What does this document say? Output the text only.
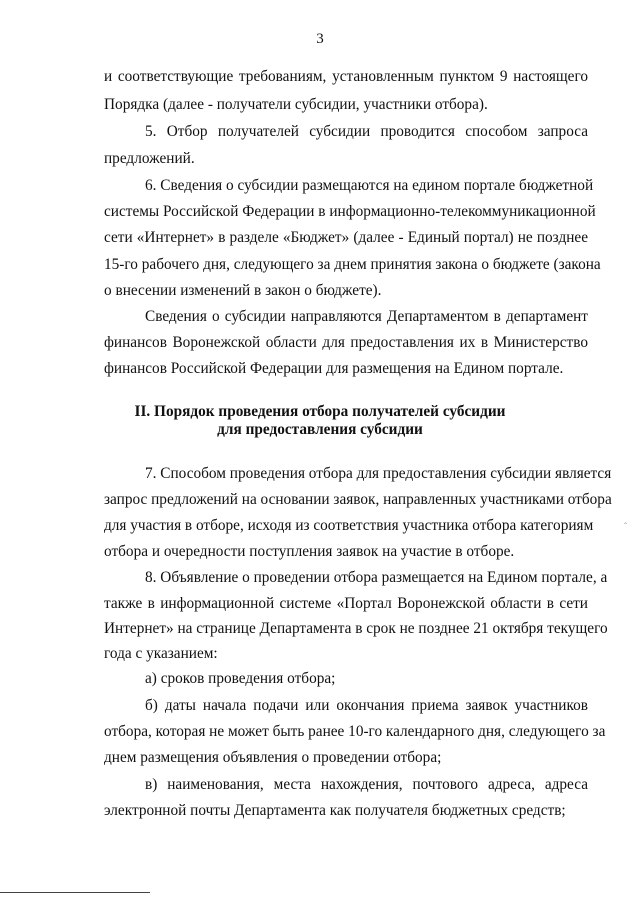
3
и соответствующие требованиям, установленным пунктом 9 настоящего
Порядка (далее - получатели субсидии, участники отбора).
5. Отбор получателей субсидии проводится способом запроса
предложений.
6. Сведения о субсидии размещаются на едином портале бюджетной
системы Российской Федерации в информационно-телекоммуникационной
сети «Интернет» в разделе «Бюджет» (далее - Единый портал) не позднее
15-го рабочего дня, следующего за днем принятия закона о бюджете (закона
о внесении изменений в закон о бюджете).
Сведения о субсидии направляются Департаментом в департамент
финансов Воронежской области для предоставления их в Министерство
финансов Российской Федерации для размещения на Едином портале.
II. Порядок проведения отбора получателей субсидии
для предоставления субсидии
7. Способом проведения отбора для предоставления субсидии является
запрос предложений на основании заявок, направленных участниками отбора
для участия в отборе, исходя из соответствия участника отбора категориям
отбора и очередности поступления заявок на участие в отборе.
8. Объявление о проведении отбора размещается на Едином портале, а
также в информационной системе «Портал Воронежской области в сети
Интернет» на странице Департамента в срок не позднее 21 октября текущего
года с указанием:
а) сроков проведения отбора;
б) даты начала подачи или окончания приема заявок участников
отбора, которая не может быть ранее 10-го календарного дня, следующего за
днем размещения объявления о проведении отбора;
в) наименования, места нахождения, почтового адреса, адреса
электронной почты Департамента как получателя бюджетных средств;
‸
